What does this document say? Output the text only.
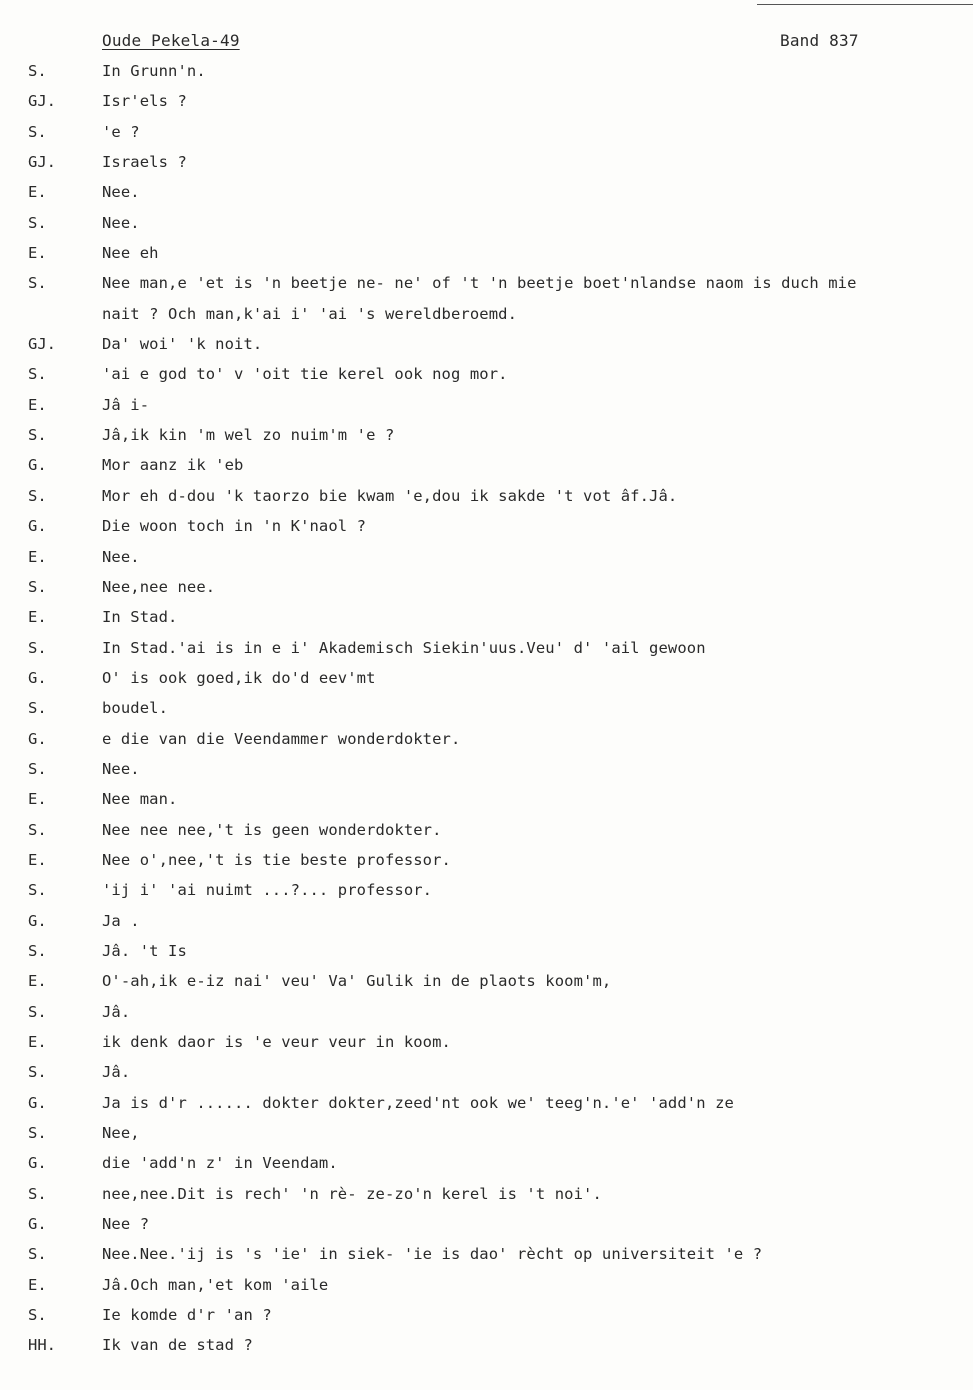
Oude Pekela-49	Band 837
S.	In Grunn'n.
GJ.	Isr'els ?
S.	'e ?
GJ.	Israels ?
E.	Nee.
S.	Nee.
E.	Nee eh
S.	Nee man,e 'et is 'n beetje ne- ne' of 't 'n beetje boet'nlandse naom is duch mie
nait ? Och man,k'ai i' 'ai 's wereldberoemd.
GJ.	Da' woi' 'k noit.
S.	'ai e god to' v 'oit tie kerel ook nog mor.
E.	Jâ i-
S.	Jâ,ik kin 'm wel zo nuim'm 'e ?
G.	Mor aanz ik 'eb
S.	Mor eh d-dou 'k taorzo bie kwam 'e,dou ik sakde 't vot âf.Jâ.
G.	Die woon toch in 'n K'naol ?
E.	Nee.
S.	Nee,nee nee.
E.	In Stad.
S.	In Stad.'ai is in e i' Akademisch Siekin'uus.Veu' d' 'ail gewoon
G.	O' is ook goed,ik do'd eev'mt
S.	boudel.
G.	e die van die Veendammer wonderdokter.
S.	Nee.
E.	Nee man.
S.	Nee nee nee,'t is geen wonderdokter.
E.	Nee o',nee,'t is tie beste professor.
S.	'ij i' 'ai nuimt ...?... professor.
G.	Ja .
S.	Jâ. 't Is
E.	O'-ah,ik e-iz nai' veu' Va' Gulik in de plaots koom'm,
S.	Jâ.
E.	ik denk daor is 'e veur veur in koom.
S.	Jâ.
G.	Ja is d'r ...... dokter dokter,zeed'nt ook we' teeg'n.'e' 'add'n ze
S.	Nee,
G.	die 'add'n z' in Veendam.
S.	nee,nee.Dit is rech' 'n rè- ze-zo'n kerel is 't noi'.
G.	Nee ?
S.	Nee.Nee.'ij is 's 'ie' in siek- 'ie is dao' rècht op universiteit 'e ?
E.	Jâ.Och man,'et kom 'aile
S.	Ie komde d'r 'an ?
HH.	Ik van de stad ?
